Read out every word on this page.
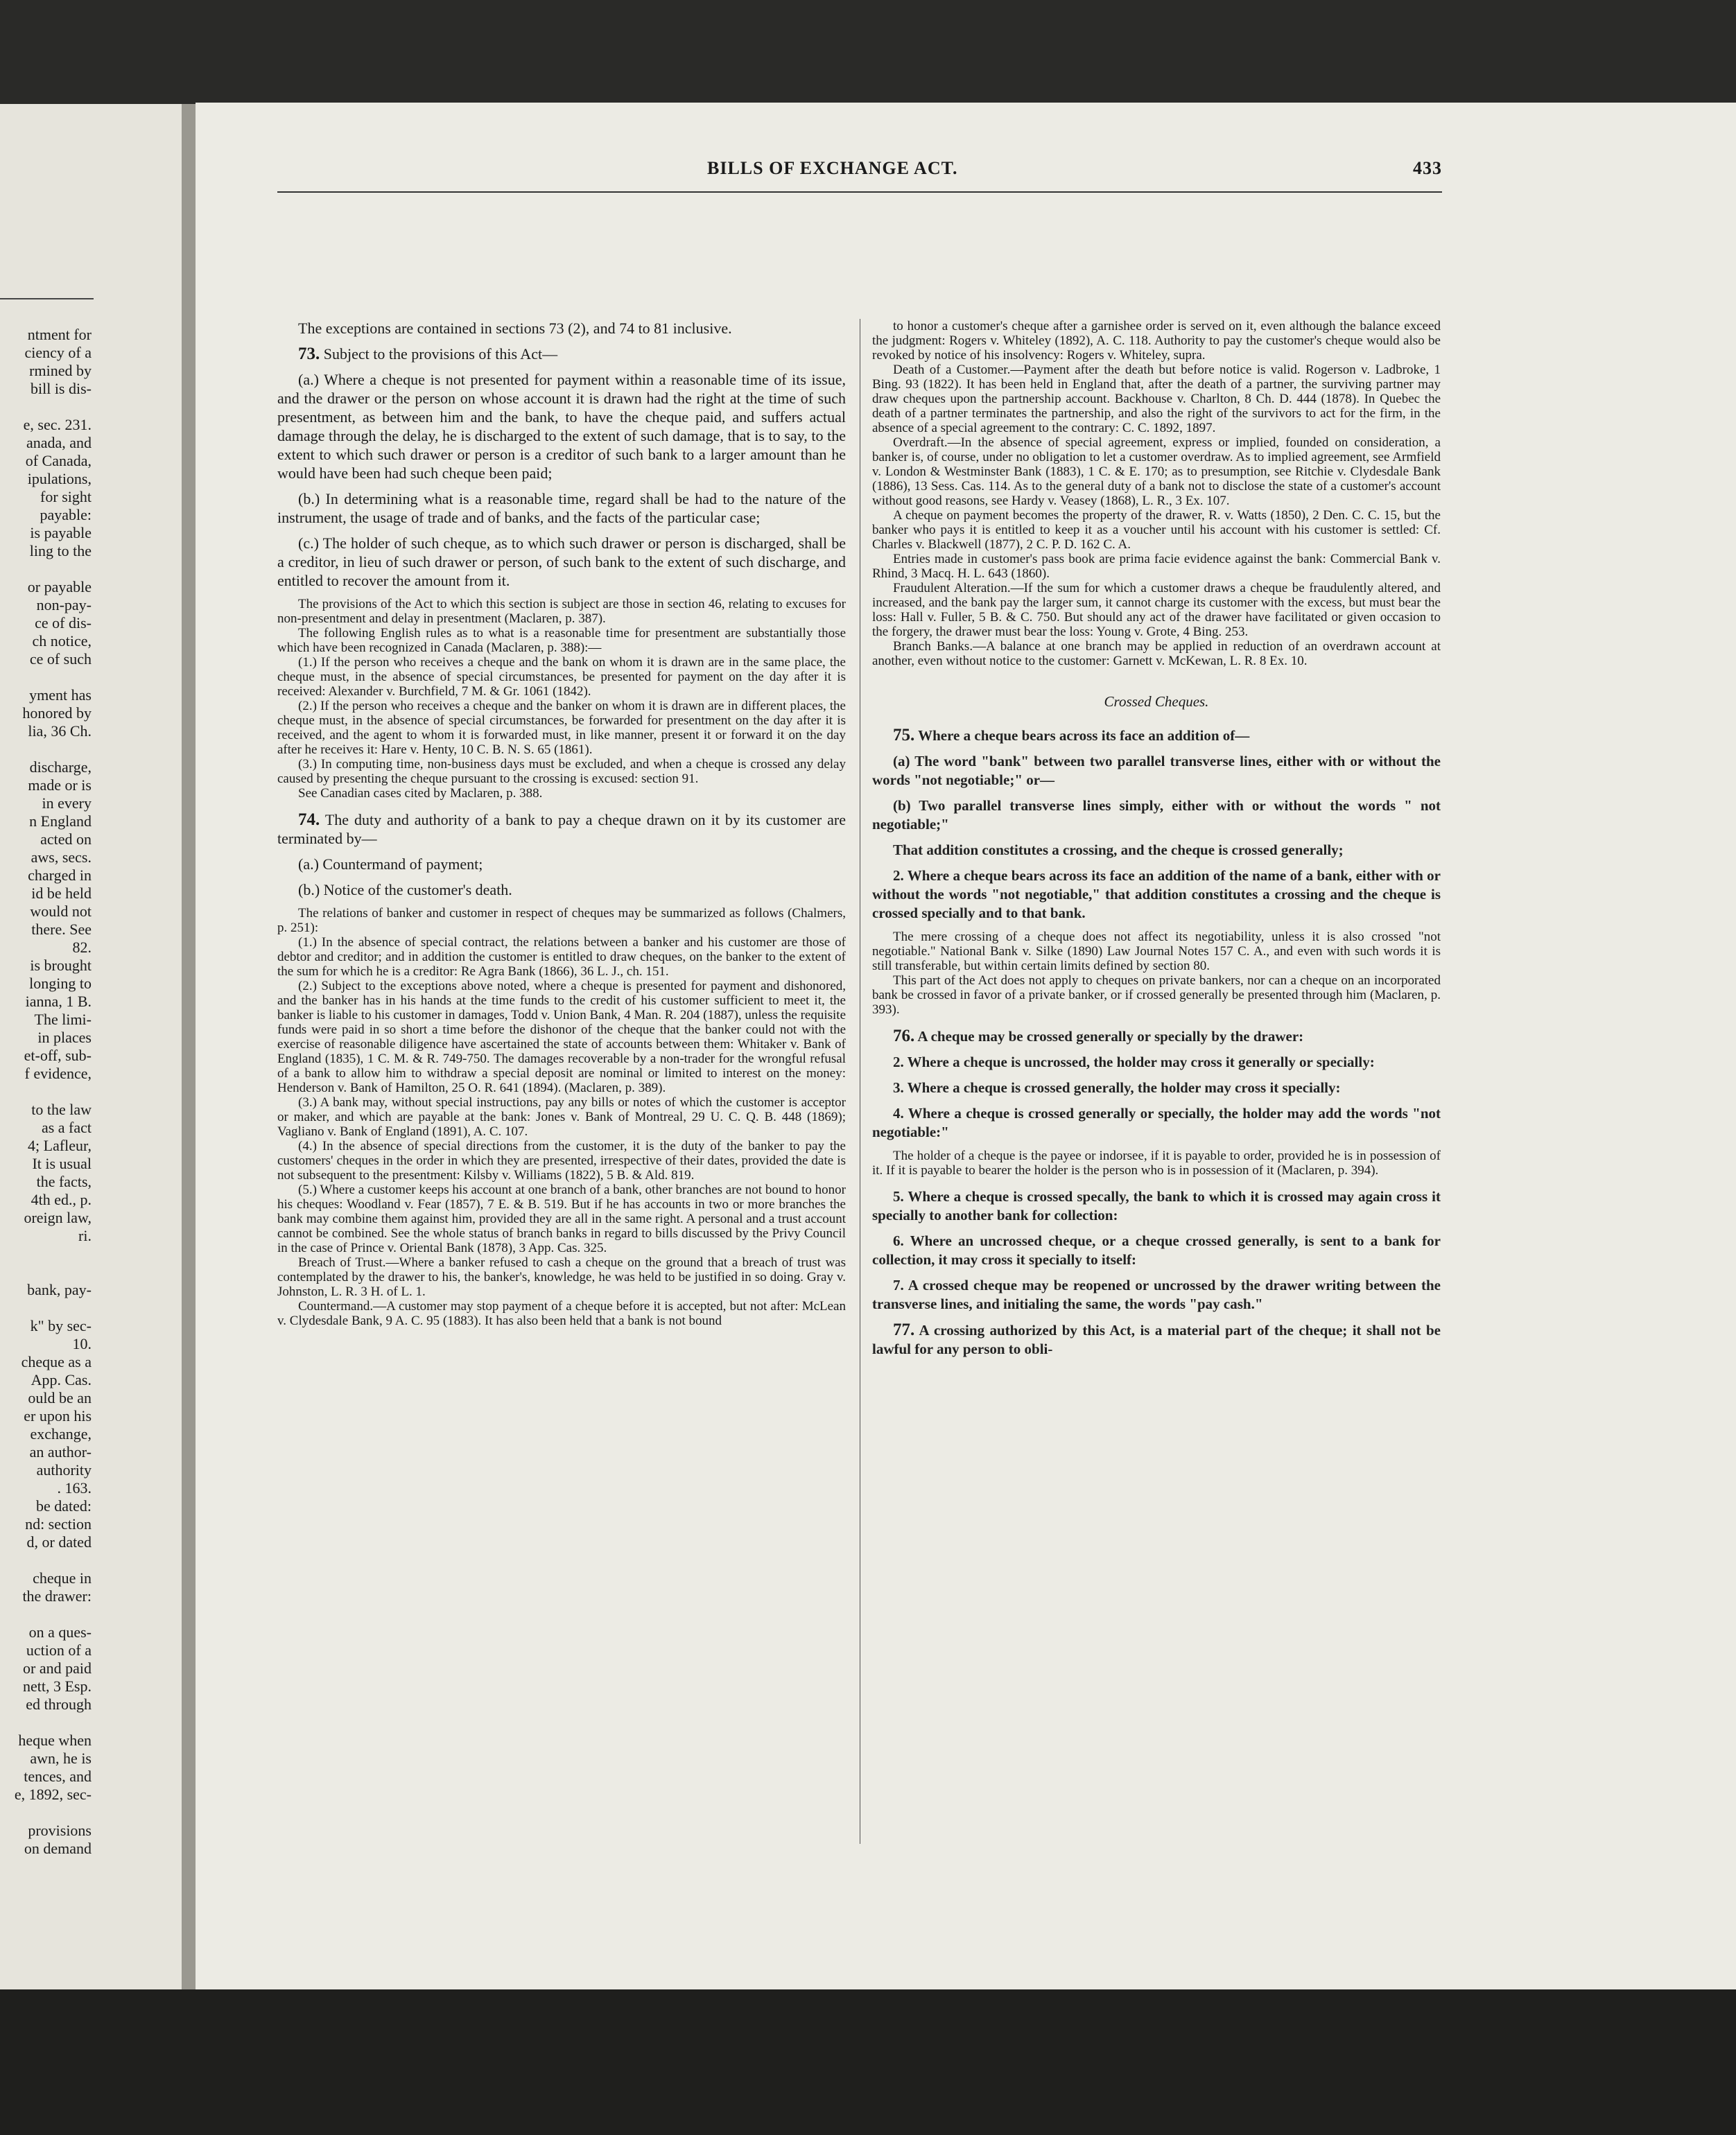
ntment for
ciency of a
rmined by
bill is dis-
e, sec. 231.
anada, and
of Canada,
ipulations,
for sight
payable:
is payable
ling to the
or payable
non-pay-
ce of dis-
ch notice,
ce of such
yment has
honored by
lia, 36 Ch.
discharge,
made or is
in every
n England
acted on
aws, secs.
charged in
id be held
would not
there. See
82.
is brought
longing to
ianna, 1 B.
The limi-
in places
et-off, sub-
f evidence,
to the law
as a fact
4; Lafleur,
It is usual
the facts,
4th ed., p.
oreign law,
ri.
bank, pay-
k" by sec-
10.
cheque as a
App. Cas.
ould be an
er upon his
exchange,
an author-
authority
. 163.
be dated:
nd: section
d, or dated
cheque in
the drawer:
on a ques-
uction of a
or and paid
nett, 3 Esp.
ed through
heque when
awn, he is
tences, and
e, 1892, sec-
provisions
on demand
BILLS OF EXCHANGE ACT.	433

The exceptions are contained in sections 73 (2), and 74 to 81 inclusive.

73. Subject to the provisions of this Act—

(a.) Where a cheque is not presented for payment within a reasonable time of its issue, and the drawer or the person on whose account it is drawn had the right at the time of such presentment, as between him and the bank, to have the cheque paid, and suffers actual damage through the delay, he is discharged to the extent of such damage, that is to say, to the extent to which such drawer or person is a creditor of such bank to a larger amount than he would have been had such cheque been paid;

(b.) In determining what is a reasonable time, regard shall be had to the nature of the instrument, the usage of trade and of banks, and the facts of the particular case;

(c.) The holder of such cheque, as to which such drawer or person is discharged, shall be a creditor, in lieu of such drawer or person, of such bank to the extent of such discharge, and entitled to recover the amount from it.

The provisions of the Act to which this section is subject are those in section 46, relating to excuses for non-presentment and delay in presentment (Maclaren, p. 387).

The following English rules as to what is a reasonable time for presentment are substantially those which have been recognized in Canada (Maclaren, p. 388):—

(1.) If the person who receives a cheque and the bank on whom it is drawn are in the same place, the cheque must, in the absence of special circumstances, be presented for payment on the day after it is received: Alexander v. Burchfield, 7 M. & Gr. 1061 (1842).

(2.) If the person who receives a cheque and the banker on whom it is drawn are in different places, the cheque must, in the absence of special circumstances, be forwarded for presentment on the day after it is received, and the agent to whom it is forwarded must, in like manner, present it or forward it on the day after he receives it: Hare v. Henty, 10 C. B. N. S. 65 (1861).

(3.) In computing time, non-business days must be excluded, and when a cheque is crossed any delay caused by presenting the cheque pursuant to the crossing is excused: section 91.

See Canadian cases cited by Maclaren, p. 388.

74. The duty and authority of a bank to pay a cheque drawn on it by its customer are terminated by—

(a.) Countermand of payment;

(b.) Notice of the customer's death.

The relations of banker and customer in respect of cheques may be summarized as follows (Chalmers, p. 251):

(1.) In the absence of special contract, the relations between a banker and his customer are those of debtor and creditor; and in addition the customer is entitled to draw cheques, on the banker to the extent of the sum for which he is a creditor: Re Agra Bank (1866), 36 L. J., ch. 151.

(2.) Subject to the exceptions above noted, where a cheque is presented for payment and dishonored, and the banker has in his hands at the time funds to the credit of his customer sufficient to meet it, the banker is liable to his customer in damages, Todd v. Union Bank, 4 Man. R. 204 (1887), unless the requisite funds were paid in so short a time before the dishonor of the cheque that the banker could not with the exercise of reasonable diligence have ascertained the state of accounts between them: Whitaker v. Bank of England (1835), 1 C. M. & R. 749-750. The damages recoverable by a non-trader for the wrongful refusal of a bank to allow him to withdraw a special deposit are nominal or limited to interest on the money: Henderson v. Bank of Hamilton, 25 O. R. 641 (1894). (Maclaren, p. 389).

(3.) A bank may, without special instructions, pay any bills or notes of which the customer is acceptor or maker, and which are payable at the bank: Jones v. Bank of Montreal, 29 U. C. Q. B. 448 (1869); Vagliano v. Bank of England (1891), A. C. 107.

(4.) In the absence of special directions from the customer, it is the duty of the banker to pay the customers' cheques in the order in which they are presented, irrespective of their dates, provided the date is not subsequent to the presentment: Kilsby v. Williams (1822), 5 B. & Ald. 819.

(5.) Where a customer keeps his account at one branch of a bank, other branches are not bound to honor his cheques: Woodland v. Fear (1857), 7 E. & B. 519. But if he has accounts in two or more branches the bank may combine them against him, provided they are all in the same right. A personal and a trust account cannot be combined. See the whole status of branch banks in regard to bills discussed by the Privy Council in the case of Prince v. Oriental Bank (1878), 3 App. Cas. 325.

Breach of Trust.—Where a banker refused to cash a cheque on the ground that a breach of trust was contemplated by the drawer to his, the banker's, knowledge, he was held to be justified in so doing. Gray v. Johnston, L. R. 3 H. of L. 1.

Countermand.—A customer may stop payment of a cheque before it is accepted, but not after: McLean v. Clydesdale Bank, 9 A. C. 95 (1883). It has also been held that a bank is not bound

to honor a customer's cheque after a garnishee order is served on it, even although the balance exceed the judgment: Rogers v. Whiteley (1892), A. C. 118. Authority to pay the customer's cheque would also be revoked by notice of his insolvency: Rogers v. Whiteley, supra.

Death of a Customer.—Payment after the death but before notice is valid. Rogerson v. Ladbroke, 1 Bing. 93 (1822). It has been held in England that, after the death of a partner, the surviving partner may draw cheques upon the partnership account. Backhouse v. Charlton, 8 Ch. D. 444 (1878). In Quebec the death of a partner terminates the partnership, and also the right of the survivors to act for the firm, in the absence of a special agreement to the contrary: C. C. 1892, 1897.

Overdraft.—In the absence of special agreement, express or implied, founded on consideration, a banker is, of course, under no obligation to let a customer overdraw. As to implied agreement, see Armfield v. London & Westminster Bank (1883), 1 C. & E. 170; as to presumption, see Ritchie v. Clydesdale Bank (1886), 13 Sess. Cas. 114. As to the general duty of a bank not to disclose the state of a customer's account without good reasons, see Hardy v. Veasey (1868), L. R., 3 Ex. 107.

A cheque on payment becomes the property of the drawer, R. v. Watts (1850), 2 Den. C. C. 15, but the banker who pays it is entitled to keep it as a voucher until his account with his customer is settled: Cf. Charles v. Blackwell (1877), 2 C. P. D. 162 C. A.

Entries made in customer's pass book are prima facie evidence against the bank: Commercial Bank v. Rhind, 3 Macq. H. L. 643 (1860).

Fraudulent Alteration.—If the sum for which a customer draws a cheque be fraudulently altered, and increased, and the bank pay the larger sum, it cannot charge its customer with the excess, but must bear the loss: Hall v. Fuller, 5 B. & C. 750. But should any act of the drawer have facilitated or given occasion to the forgery, the drawer must bear the loss: Young v. Grote, 4 Bing. 253.

Branch Banks.—A balance at one branch may be applied in reduction of an overdrawn account at another, even without notice to the customer: Garnett v. McKewan, L. R. 8 Ex. 10.

Crossed Cheques.

75. Where a cheque bears across its face an addition of—

(a) The word "bank" between two parallel transverse lines, either with or without the words "not negotiable;" or—

(b) Two parallel transverse lines simply, either with or without the words " not negotiable;"

That addition constitutes a crossing, and the cheque is crossed generally;

2. Where a cheque bears across its face an addition of the name of a bank, either with or without the words "not negotiable," that addition constitutes a crossing and the cheque is crossed specially and to that bank.

The mere crossing of a cheque does not affect its negotiability, unless it is also crossed "not negotiable." National Bank v. Silke (1890) Law Journal Notes 157 C. A., and even with such words it is still transferable, but within certain limits defined by section 80.

This part of the Act does not apply to cheques on private bankers, nor can a cheque on an incorporated bank be crossed in favor of a private banker, or if crossed generally be presented through him (Maclaren, p. 393).

76. A cheque may be crossed generally or specially by the drawer:

2. Where a cheque is uncrossed, the holder may cross it generally or specially:

3. Where a cheque is crossed generally, the holder may cross it specially:

4. Where a cheque is crossed generally or specially, the holder may add the words "not negotiable:"

The holder of a cheque is the payee or indorsee, if it is payable to order, provided he is in possession of it. If it is payable to bearer the holder is the person who is in possession of it (Maclaren, p. 394).

5. Where a cheque is crossed specally, the bank to which it is crossed may again cross it specially to another bank for collection:

6. Where an uncrossed cheque, or a cheque crossed generally, is sent to a bank for collection, it may cross it specially to itself:

7. A crossed cheque may be reopened or uncrossed by the drawer writing between the transverse lines, and initialing the same, the words "pay cash."

77. A crossing authorized by this Act, is a material part of the cheque; it shall not be lawful for any person to obli-
